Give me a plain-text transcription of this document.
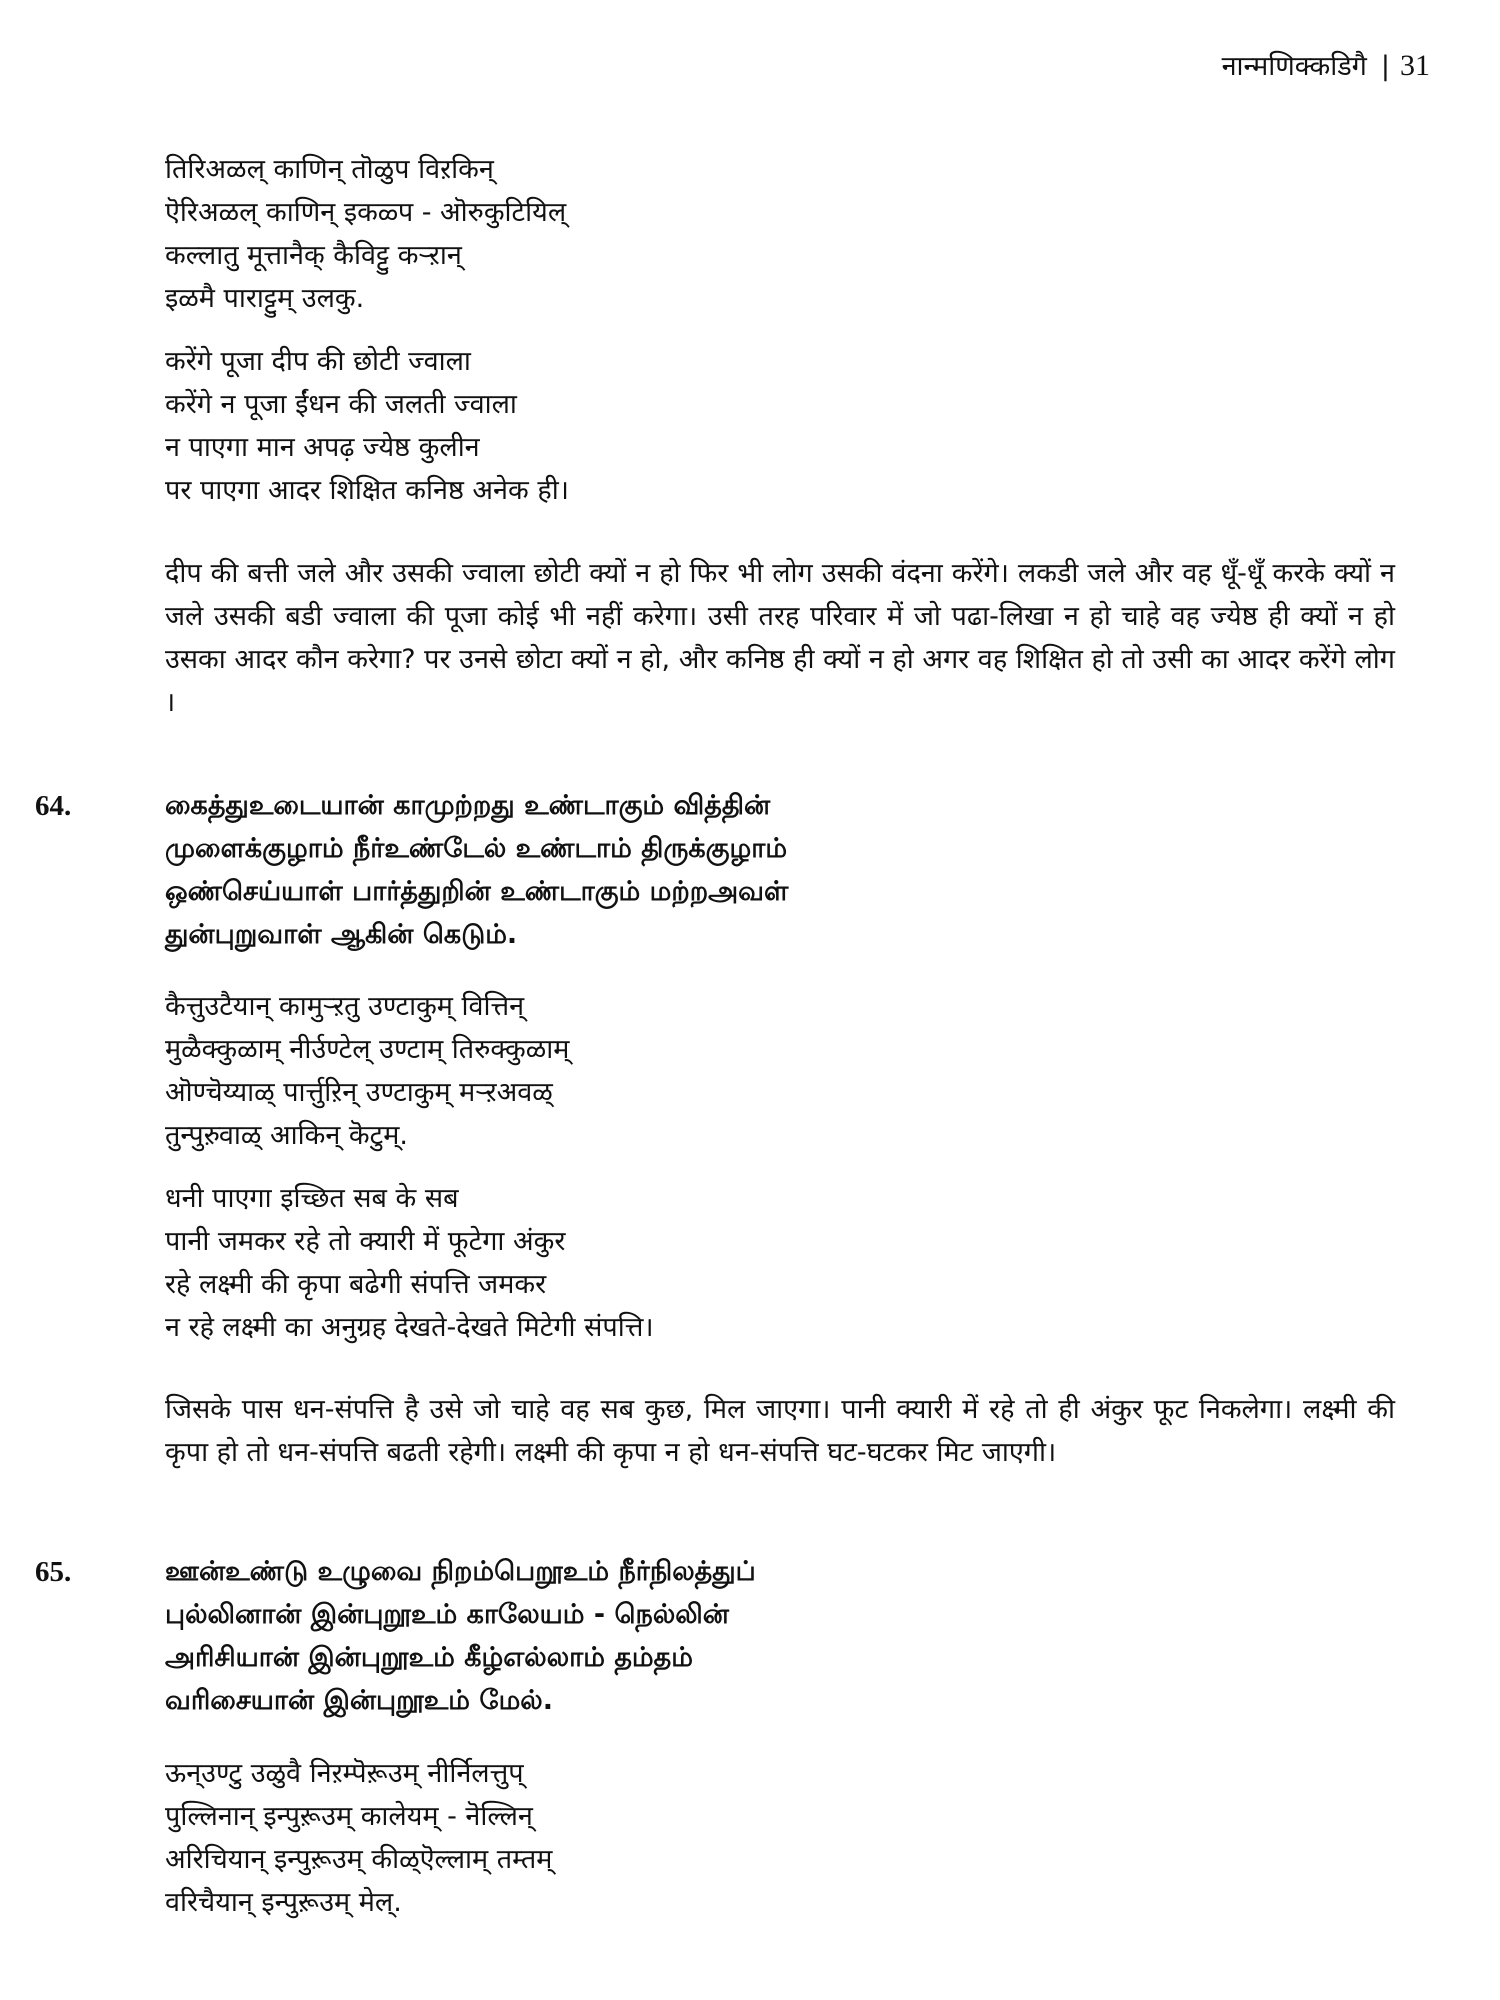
नान्मणिक्कडिगै | 31
तिरिअळल् काणिन् तॊळुप विऱकिन्
ऎरिअळल् काणिन् इकळ्प - ऒरुकुटियिल्
कल्लातु मूत्तानैक् कैविट्टु कऱ्ऱान्
इळमै पाराट्टुम् उलकु.
करेंगे पूजा दीप की छोटी ज्वाला
करेंगे न पूजा ईंधन की जलती ज्वाला
न पाएगा मान अपढ़ ज्येष्ठ कुलीन
पर पाएगा आदर शिक्षित कनिष्ठ अनेक ही।
दीप की बत्ती जले और उसकी ज्वाला छोटी क्यों न हो फिर भी लोग उसकी वंदना करेंगे। लकडी जले और वह धूँ-धूँ करके क्यों न जले उसकी बडी ज्वाला की पूजा कोई भी नहीं करेगा। उसी तरह परिवार में जो पढा-लिखा न हो चाहे वह ज्येष्ठ ही क्यों न हो उसका आदर कौन करेगा? पर उनसे छोटा क्यों न हो, और कनिष्ठ ही क्यों न हो अगर वह शिक्षित हो तो उसी का आदर करेंगे लोग ।
64.	கைத்துஉடையான் காமுற்றது உண்டாகும் வித்தின்
முளைக்குழாம் நீர்உண்டேல் உண்டாம் திருக்குழாம்
ஒண்செய்யாள் பார்த்துறின் உண்டாகும் மற்றஅவள்
துன்புறுவாள் ஆகின் கெடும்.
कैत्तुउटैयान् कामुऱ्ऱतु उण्टाकुम् वित्तिन्
मुळैक्कुळाम् नीर्उण्टेल् उण्टाम् तिरुक्कुळाम्
ऒण्चॆय्याळ् पार्त्तुऱिन् उण्टाकुम् मऱ्ऱअवळ्
तुन्पुऱुवाळ् आकिन् कॆटुम्.
धनी पाएगा इच्छित सब के सब
पानी जमकर रहे तो क्यारी में फूटेगा अंकुर
रहे लक्ष्मी की कृपा बढेगी संपत्ति जमकर
न रहे लक्ष्मी का अनुग्रह देखते-देखते मिटेगी संपत्ति।
जिसके पास धन-संपत्ति है उसे जो चाहे वह सब कुछ, मिल जाएगा। पानी क्यारी में रहे तो ही अंकुर फूट निकलेगा। लक्ष्मी की कृपा हो तो धन-संपत्ति बढती रहेगी। लक्ष्मी की कृपा न हो धन-संपत्ति घट-घटकर मिट जाएगी।
65.	ஊன்உண்டு உழுவை நிறம்பெறூஉம் நீர்நிலத்துப்
புல்லினான் இன்புறூஉம் காலேயம் - நெல்லின்
அரிசியான் இன்புறூஉம் கீழ்எல்லாம் தம்தம்
வரிசையான் இன்புறூஉம் மேல்.
ऊन्उण्टु उळुवै निऱम्पॆऱूउम् नीर्निलत्तुप्
पुल्लिनान् इन्पुऱूउम् कालेयम् - नॆल्लिन्
अरिचियान् इन्पुऱूउम् कीळ्ऎल्लाम् तम्तम्
वरिचैयान् इन्पुऱूउम् मेल्.
